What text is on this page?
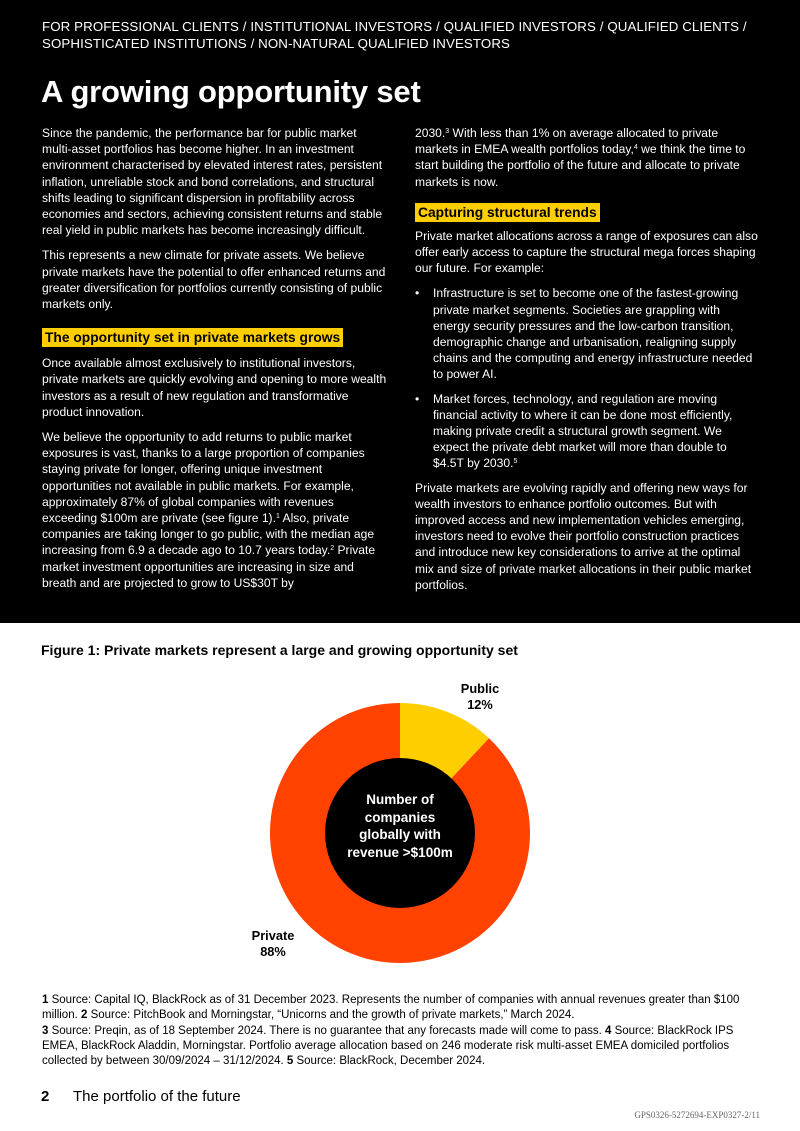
FOR PROFESSIONAL CLIENTS / INSTITUTIONAL INVESTORS / QUALIFIED INVESTORS / QUALIFIED CLIENTS / SOPHISTICATED INSTITUTIONS / NON-NATURAL QUALIFIED INVESTORS
A growing opportunity set

Since the pandemic, the performance bar for public market multi-asset portfolios has become higher. In an investment environment characterised by elevated interest rates, persistent inflation, unreliable stock and bond correlations, and structural shifts leading to significant dispersion in profitability across economies and sectors, achieving consistent returns and stable real yield in public markets has become increasingly difficult.

This represents a new climate for private assets. We believe private markets have the potential to offer enhanced returns and greater diversification for portfolios currently consisting of public markets only.

The opportunity set in private markets grows

Once available almost exclusively to institutional investors, private markets are quickly evolving and opening to more wealth investors as a result of new regulation and transformative product innovation.

We believe the opportunity to add returns to public market exposures is vast, thanks to a large proportion of companies staying private for longer, offering unique investment opportunities not available in public markets. For example, approximately 87% of global companies with revenues exceeding $100m are private (see figure 1).$^1$ Also, private companies are taking longer to go public, with the median age increasing from 6.9 a decade ago to 10.7 years today.$^2$ Private market investment opportunities are increasing in size and breath and are projected to grow to US$30T by

2030.$^3$ With less than 1% on average allocated to private markets in EMEA wealth portfolios today,$^4$ we think the time to start building the portfolio of the future and allocate to private markets is now.

Capturing structural trends

Private market allocations across a range of exposures can also offer early access to capture the structural mega forces shaping our future. For example:

• Infrastructure is set to become one of the fastest-growing private market segments. Societies are grappling with energy security pressures and the low-carbon transition, demographic change and urbanisation, realigning supply chains and the computing and energy infrastructure needed to power AI.
• Market forces, technology, and regulation are moving financial activity to where it can be done most efficiently, making private credit a structural growth segment. We expect the private debt market will more than double to $4.5T by 2030.$^5$

Private markets are evolving rapidly and offering new ways for wealth investors to enhance portfolio outcomes. But with improved access and new implementation vehicles emerging, investors need to evolve their portfolio construction practices and introduce new key considerations to arrive at the optimal mix and size of private market allocations in their public market portfolios.

Figure 1: Private markets represent a large and growing opportunity set
Number of companies globally with revenue >$100m
Public
12%
Private
88%
1 Source: Capital IQ, BlackRock as of 31 December 2023. Represents the number of companies with annual revenues greater than $100 million. 2 Source: PitchBook and Morningstar, “Unicorns and the growth of private markets,” March 2024.
3 Source: Preqin, as of 18 September 2024. There is no guarantee that any forecasts made will come to pass. 4 Source: BlackRock IPS EMEA, BlackRock Aladdin, Morningstar. Portfolio average allocation based on 246 moderate risk multi-asset EMEA domiciled portfolios collected by between 30/09/2024 – 31/12/2024. 5 Source: BlackRock, December 2024.
2 The portfolio of the future
GPS0326-5272694-EXP0327-2/11
